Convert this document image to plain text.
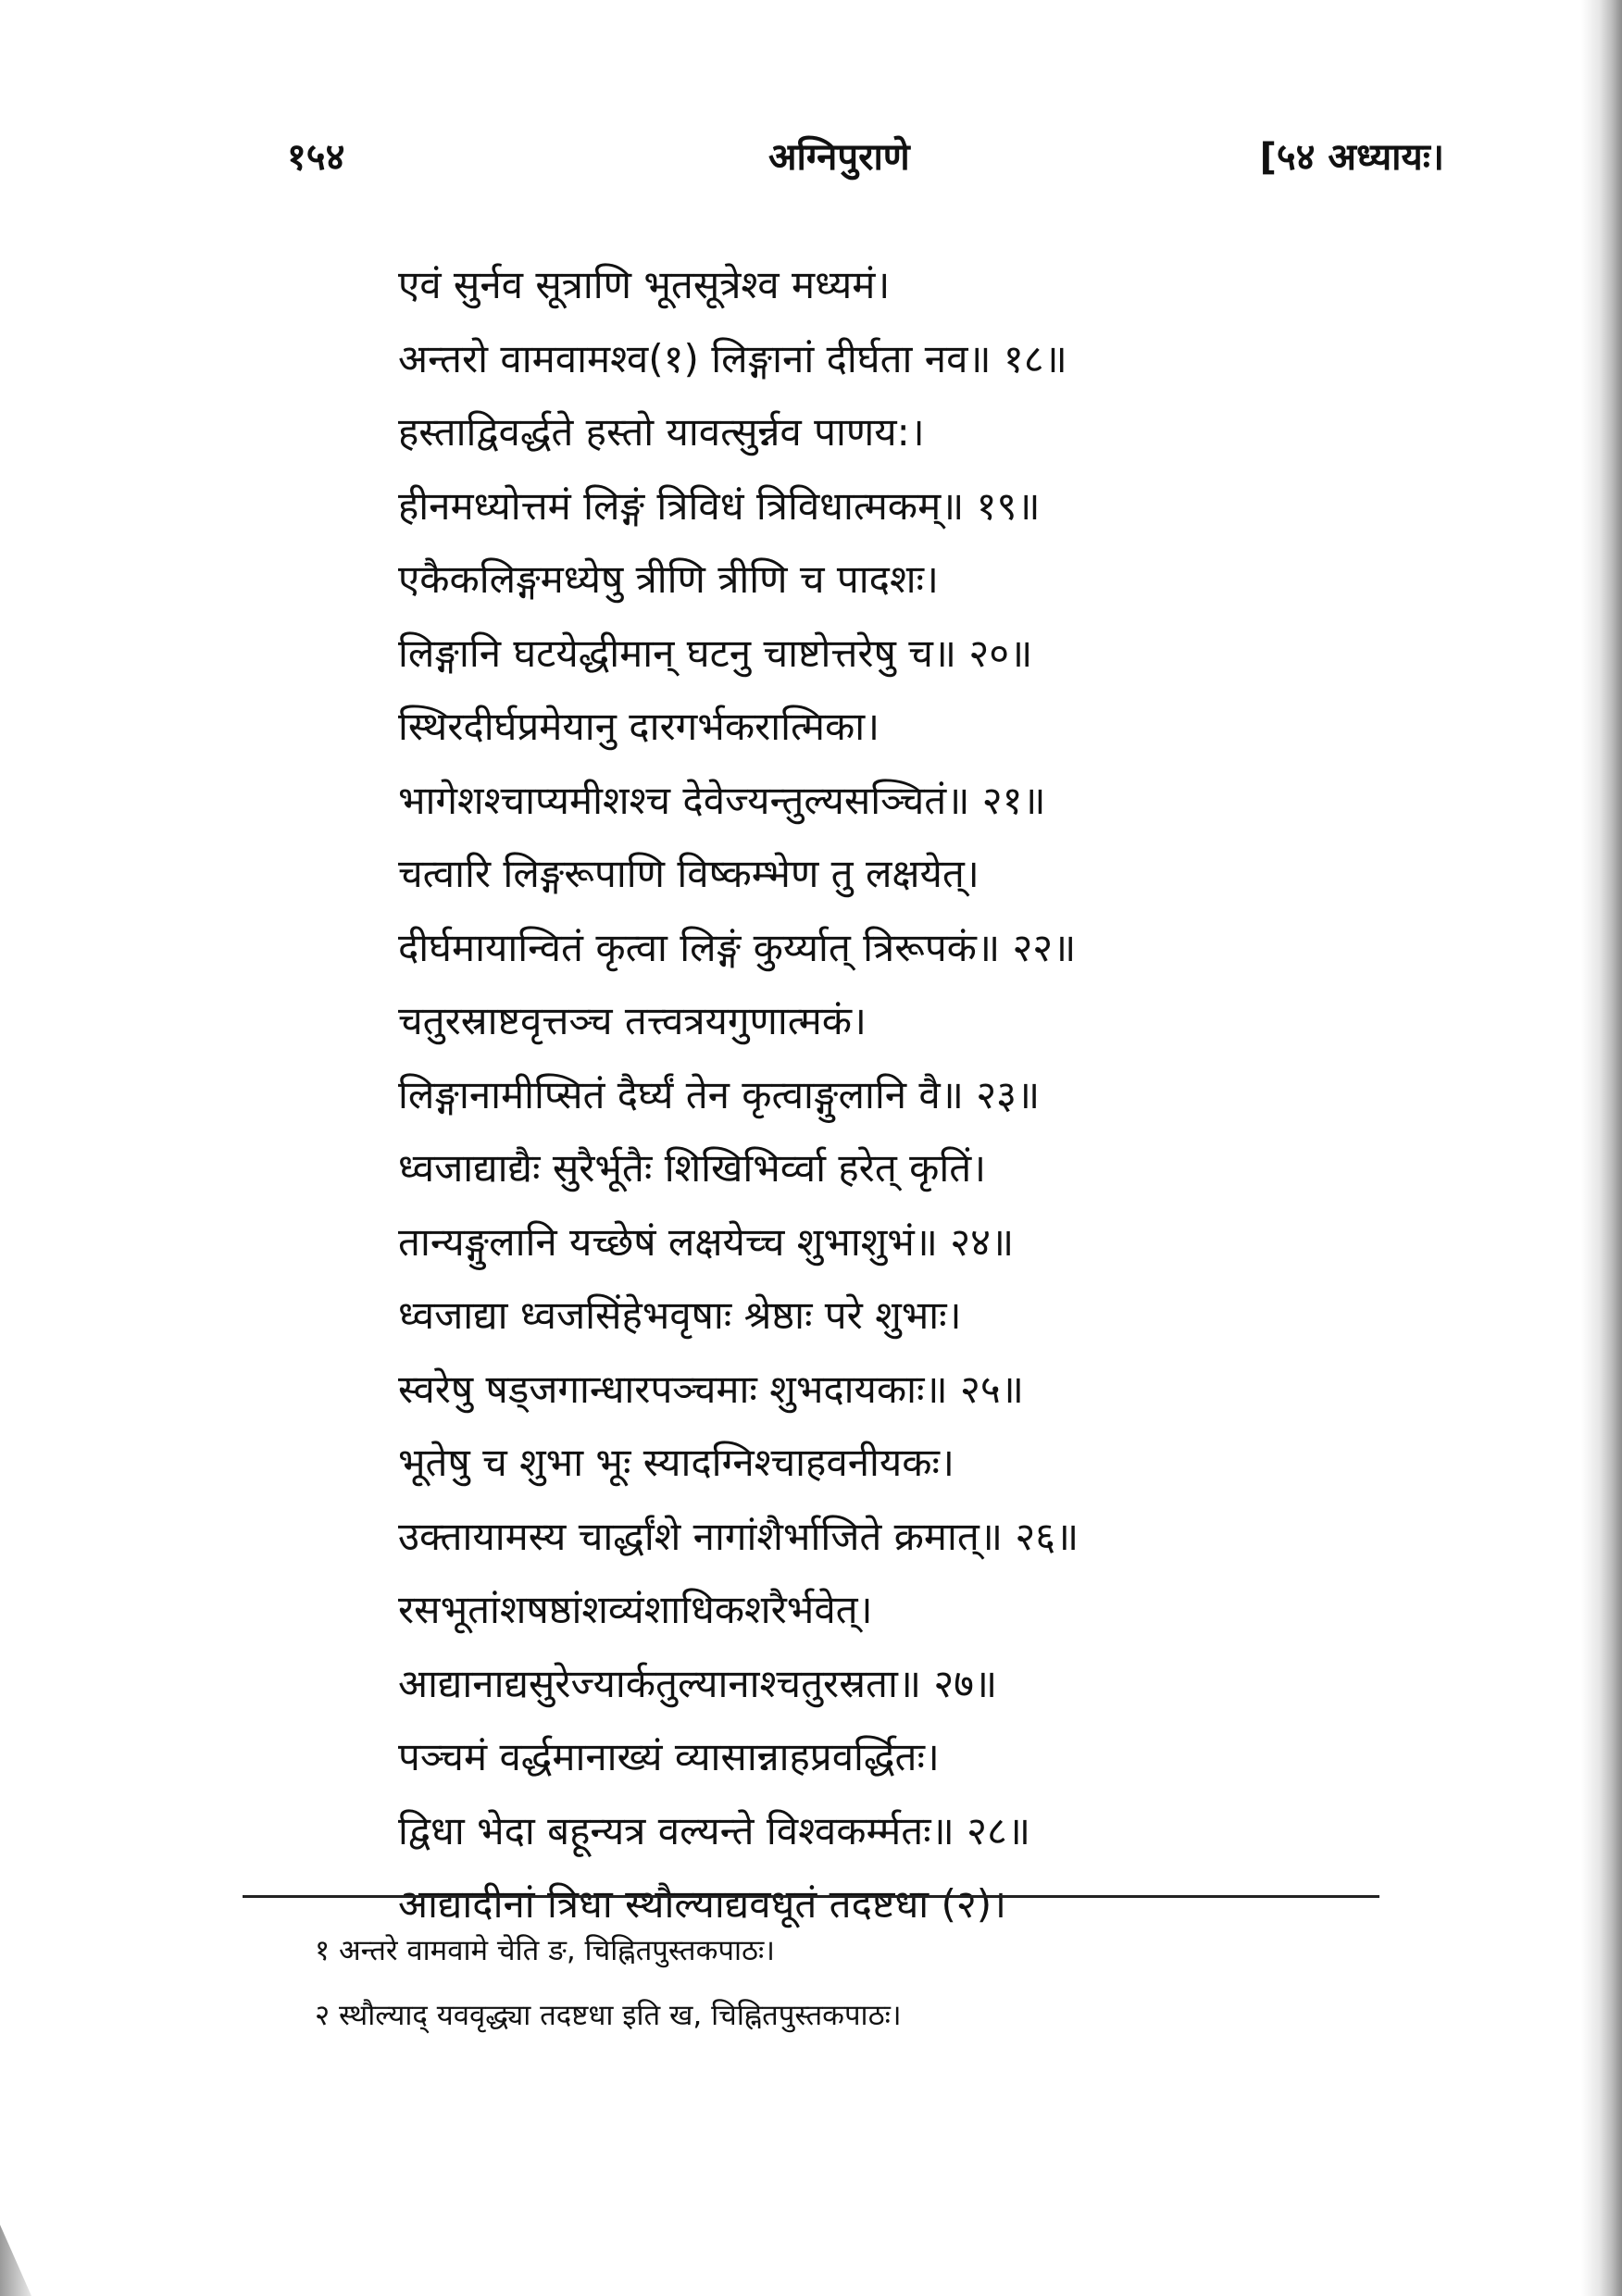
१५४	अग्निपुराणे	[५४ अध्यायः।
एवं सुर्नव सूत्राणि भूतसूत्रेश्व मध्यमं।
अन्तरो वामवामश्व(१) लिङ्गानां दीर्घता नव॥ १८॥
हस्ताद्विवर्द्धते हस्तो यावत्सुर्न्नव पाणय:।
हीनमध्योत्तमं लिङ्गं त्रिविधं त्रिविधात्मकम्॥ १९॥
एकैकलिङ्गमध्येषु त्रीणि त्रीणि च पादशः।
लिङ्गानि घटयेद्धीमान् घटनु चाष्टोत्तरेषु च॥ २०॥
स्थिरदीर्घप्रमेयानु दारगर्भकरात्मिका।
भागेशश्चाप्यमीशश्च देवेज्यन्तुल्यसञ्चितं॥ २१॥
चत्वारि लिङ्गरूपाणि विष्कम्भेण तु लक्षयेत्।
दीर्घमायान्वितं कृत्वा लिङ्गं कुर्य्यात् त्रिरूपकं॥ २२॥
चतुरस्राष्टवृत्तञ्च तत्त्वत्रयगुणात्मकं।
लिङ्गानामीप्सितं दैर्घ्यं तेन कृत्वाङ्गुलानि वै॥ २३॥
ध्वजाद्याद्यैः सुरैर्भूतैः शिखिभिर्व्वा हरेत् कृतिं।
तान्यङ्गुलानि यच्छेषं लक्षयेच्च शुभाशुभं॥ २४॥
ध्वजाद्या ध्वजसिंहेभवृषाः श्रेष्ठाः परे शुभाः।
स्वरेषु षड्जगान्धारपञ्चमाः शुभदायकाः॥ २५॥
भूतेषु च शुभा भूः स्यादग्निश्चाहवनीयकः।
उक्तायामस्य चार्द्धांशे नागांशैर्भाजिते क्रमात्॥ २६॥
रसभूतांशषष्ठांशव्यंशाधिकशरैर्भवेत्।
आद्यानाद्यसुरेज्यार्कतुल्यानाश्चतुरस्रता॥ २७॥
पञ्चमं वर्द्धमानाख्यं व्यासान्नाहप्रवर्द्धितः।
द्विधा भेदा बहून्यत्र वल्यन्ते विश्वकर्म्मतः॥ २८॥
आद्यादीनां त्रिधा स्थौल्याद्यवधूतं तदष्टधा (२)।
१ अन्तरे वामवामे चेति ङ, चिह्नितपुस्तकपाठः।
२ स्थौल्याद् यववृद्ध्या तदष्टधा इति ख, चिह्नितपुस्तकपाठः।
